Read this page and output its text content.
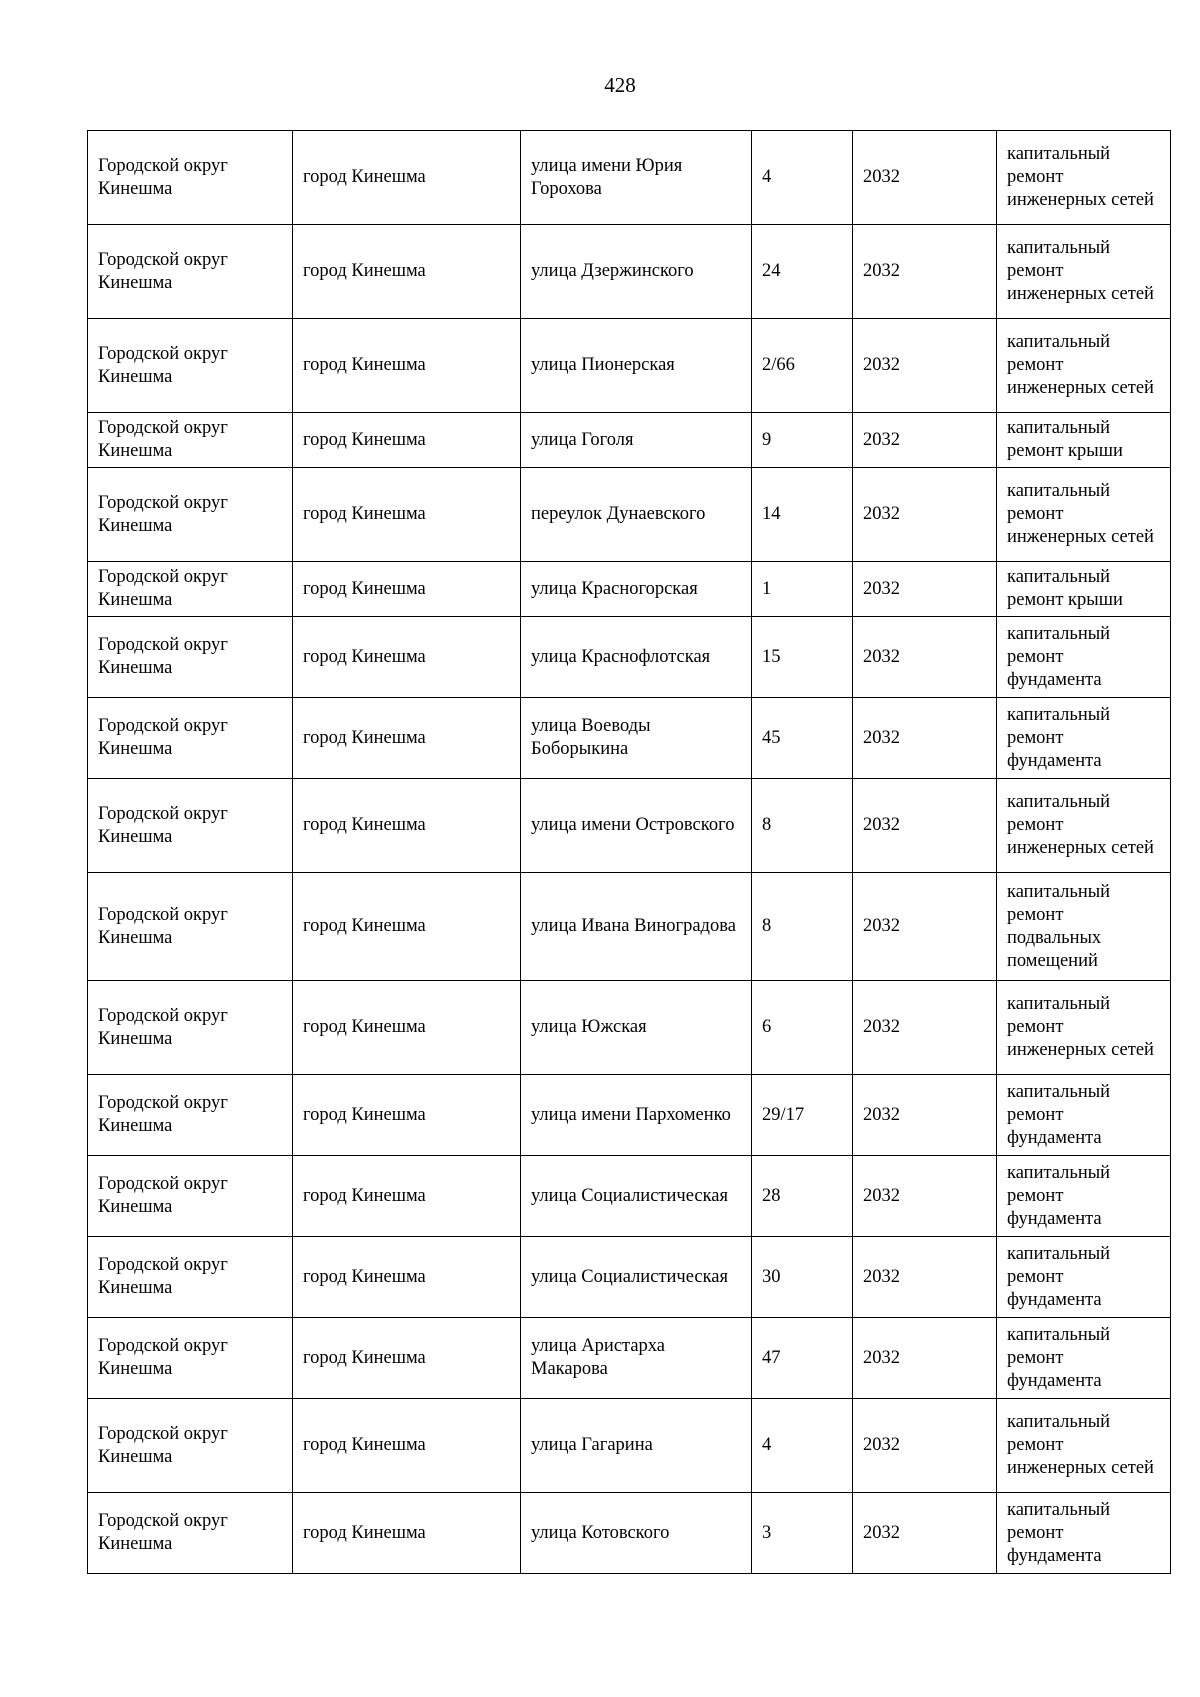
428
Городской округ Кинешма	город Кинешма	улица имени Юрия Горохова	4	2032	капитальный ремонт инженерных сетей
Городской округ Кинешма	город Кинешма	улица Дзержинского	24	2032	капитальный ремонт инженерных сетей
Городской округ Кинешма	город Кинешма	улица Пионерская	2/66	2032	капитальный ремонт инженерных сетей
Городской округ Кинешма	город Кинешма	улица Гоголя	9	2032	капитальный ремонт крыши
Городской округ Кинешма	город Кинешма	переулок Дунаевского	14	2032	капитальный ремонт инженерных сетей
Городской округ Кинешма	город Кинешма	улица Красногорская	1	2032	капитальный ремонт крыши
Городской округ Кинешма	город Кинешма	улица Краснофлотская	15	2032	капитальный ремонт фундамента
Городской округ Кинешма	город Кинешма	улица Воеводы Боборыкина	45	2032	капитальный ремонт фундамента
Городской округ Кинешма	город Кинешма	улица имени Островского	8	2032	капитальный ремонт инженерных сетей
Городской округ Кинешма	город Кинешма	улица Ивана Виноградова	8	2032	капитальный ремонт подвальных помещений
Городской округ Кинешма	город Кинешма	улица Южская	6	2032	капитальный ремонт инженерных сетей
Городской округ Кинешма	город Кинешма	улица имени Пархоменко	29/17	2032	капитальный ремонт фундамента
Городской округ Кинешма	город Кинешма	улица Социалистическая	28	2032	капитальный ремонт фундамента
Городской округ Кинешма	город Кинешма	улица Социалистическая	30	2032	капитальный ремонт фундамента
Городской округ Кинешма	город Кинешма	улица Аристарха Макарова	47	2032	капитальный ремонт фундамента
Городской округ Кинешма	город Кинешма	улица Гагарина	4	2032	капитальный ремонт инженерных сетей
Городской округ Кинешма	город Кинешма	улица Котовского	3	2032	капитальный ремонт фундамента
